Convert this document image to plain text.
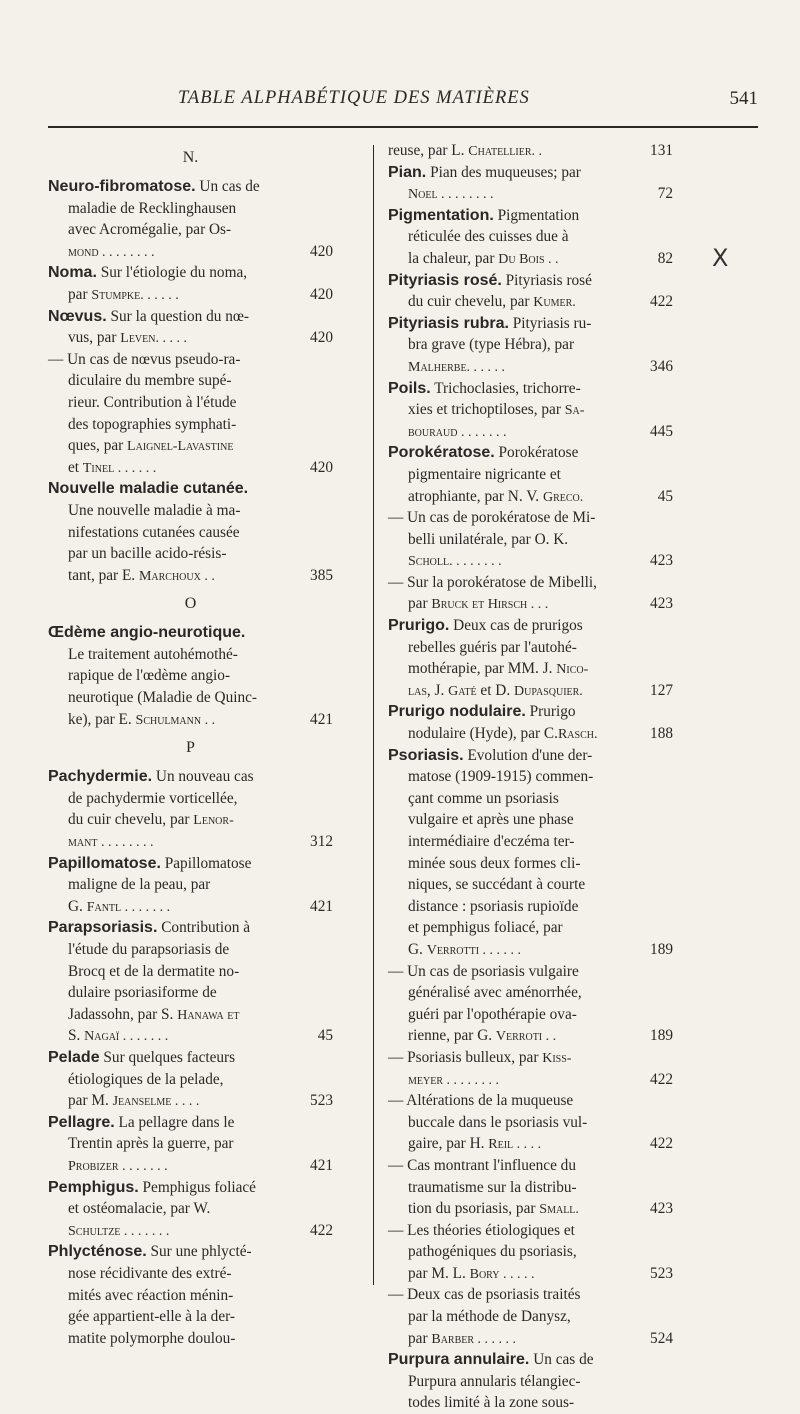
TABLE ALPHABÉTIQUE DES MATIÈRES	541
X
N.
Neuro-fibromatose. Un cas de
maladie de Recklinghausen
avec Acromégalie, par Os-
mond . . . . . . . .	420
Noma. Sur l'étiologie du noma,
par Stumpke. . . . . .	420
Nœvus. Sur la question du nœ-
vus, par Leven. . . . .	420
— Un cas de nœvus pseudo-ra-
diculaire du membre supé-
rieur. Contribution à l'étude
des topographies symphati-
ques, par Laignel-Lavastine
et Tinel . . . . . .	420
Nouvelle maladie cutanée.
Une nouvelle maladie à ma-
nifestations cutanées causée
par un bacille acido-résis-
tant, par E. Marchoux . .	385
O
Œdème angio-neurotique.
Le traitement autohémothé-
rapique de l'œdème angio-
neurotique (Maladie de Quinc-
ke), par E. Schulmann . .	421
P
Pachydermie. Un nouveau cas
de pachydermie vorticellée,
du cuir chevelu, par Lenor-
mant . . . . . . . .	312
Papillomatose. Papillomatose
maligne de la peau, par
G. Fantl . . . . . . .	421
Parapsoriasis. Contribution à
l'étude du parapsoriasis de
Brocq et de la dermatite no-
dulaire psoriasiforme de
Jadassohn, par S. Hanawa et
S. Nagaï . . . . . . .	45
Pelade Sur quelques facteurs
étiologiques de la pelade,
par M. Jeanselme . . . .	523
Pellagre. La pellagre dans le
Trentin après la guerre, par
Probizer . . . . . . .	421
Pemphigus. Pemphigus foliacé
et ostéomalacie, par W.
Schultze . . . . . . .	422
Phlycténose. Sur une phlycté-
nose récidivante des extré-
mités avec réaction ménin-
gée appartient-elle à la der-
matite polymorphe doulou-
reuse, par L. Chatellier. .	131
Pian. Pian des muqueuses; par
Noel . . . . . . . .	72
Pigmentation. Pigmentation
réticulée des cuisses due à
la chaleur, par Du Bois . .	82
Pityriasis rosé. Pityriasis rosé
du cuir chevelu, par Kumer.	422
Pityriasis rubra. Pityriasis ru-
bra grave (type Hébra), par
Malherbe. . . . . .	346
Poils. Trichoclasies, trichorre-
xies et trichoptiloses, par Sa-
bouraud . . . . . . .	445
Porokératose. Porokératose
pigmentaire nigricante et
atrophiante, par N. V. Greco.	45
— Un cas de porokératose de Mi-
belli unilatérale, par O. K.
Scholl. . . . . . . .	423
— Sur la porokératose de Mibelli,
par Bruck et Hirsch . . .	423
Prurigo. Deux cas de prurigos
rebelles guéris par l'autohé-
mothérapie, par MM. J. Nico-
las, J. Gaté et D. Dupasquier.	127
Prurigo nodulaire. Prurigo
nodulaire (Hyde), par C.Rasch.	188
Psoriasis. Evolution d'une der-
matose (1909-1915) commen-
çant comme un psoriasis
vulgaire et après une phase
intermédiaire d'eczéma ter-
minée sous deux formes cli-
niques, se succédant à courte
distance : psoriasis rupioïde
et pemphigus foliacé, par
G. Verrotti . . . . . .	189
— Un cas de psoriasis vulgaire
généralisé avec aménorrhée,
guéri par l'opothérapie ova-
rienne, par G. Verroti . .	189
— Psoriasis bulleux, par Kiss-
meyer . . . . . . . .	422
— Altérations de la muqueuse
buccale dans le psoriasis vul-
gaire, par H. Reil . . . .	422
— Cas montrant l'influence du
traumatisme sur la distribu-
tion du psoriasis, par Small.	423
— Les théories étiologiques et
pathogéniques du psoriasis,
par M. L. Bory . . . . .	523
— Deux cas de psoriasis traités
par la méthode de Danysz,
par Barber . . . . . .	524
Purpura annulaire. Un cas de
Purpura annularis télangiec-
todes limité à la zone sous-
